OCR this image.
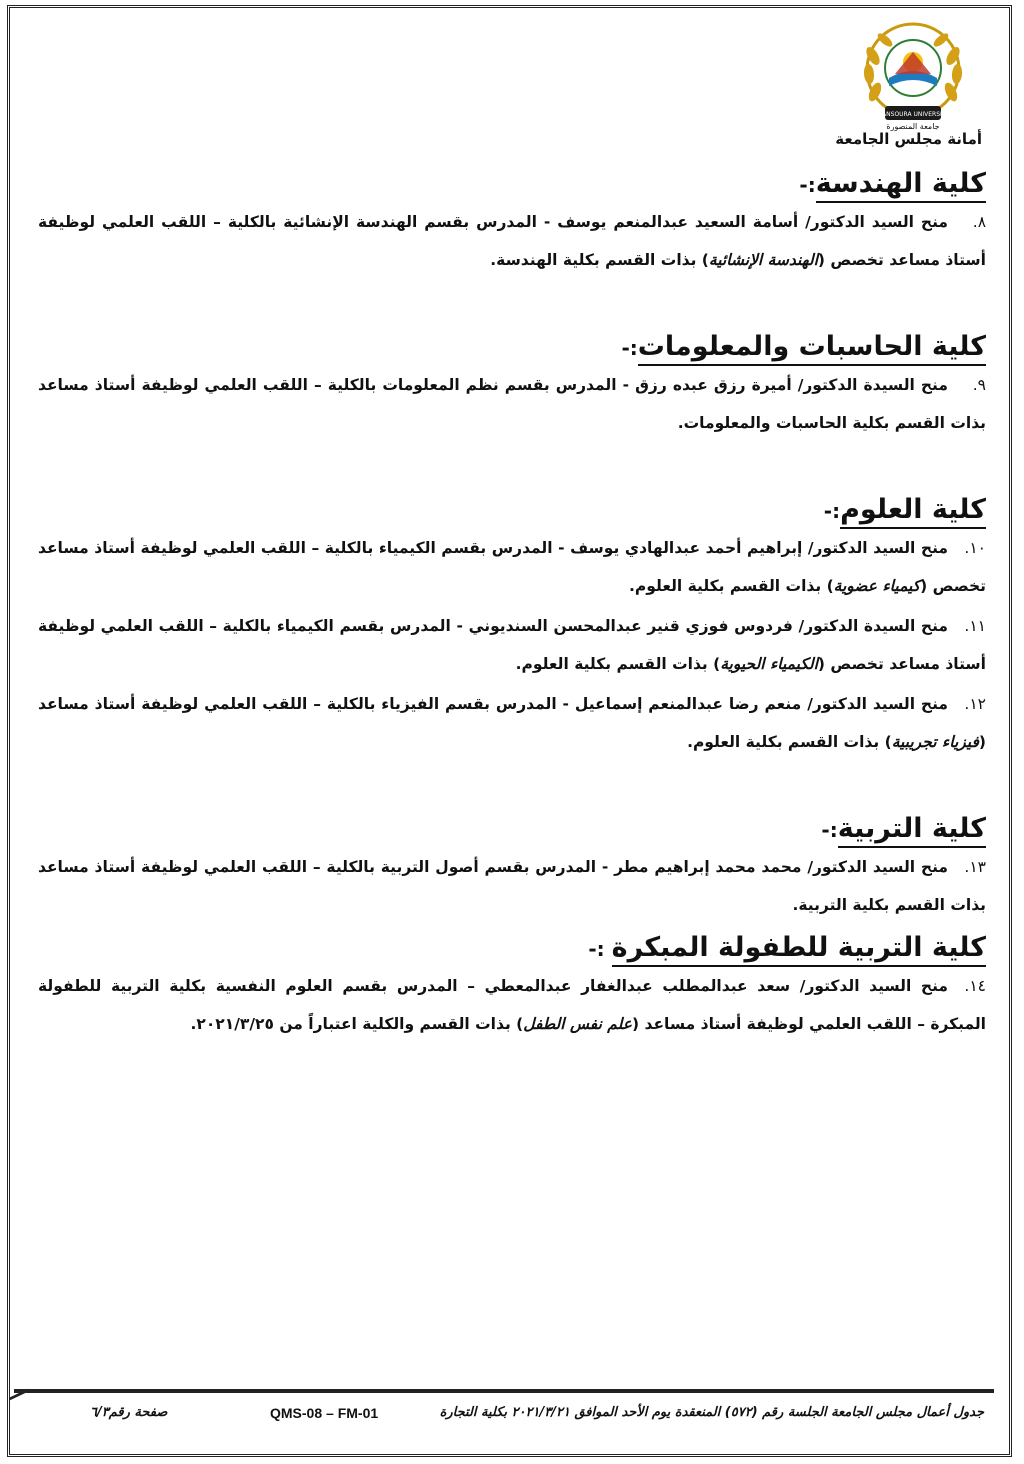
MANSOURA UNIVERSITY
جامعة المنصورة
أمانة مجلس الجامعة
كلية الهندسة:-

٨.منح السيد الدكتور/ أسامة السعيد عبدالمنعم يوسف - المدرس بقسم الهندسة الإنشائية بالكلية – اللقب العلمي لوظيفة أستاذ مساعد تخصص (الهندسة الإنشائية) بذات القسم بكلية الهندسة.

كلية الحاسبات والمعلومات:-

٩.منح السيدة الدكتور/ أميرة رزق عبده رزق - المدرس بقسم نظم المعلومات بالكلية – اللقب العلمي لوظيفة أستاذ مساعد بذات القسم بكلية الحاسبات والمعلومات.

كلية العلوم:-

١٠.منح السيد الدكتور/ إبراهيم أحمد عبدالهادي يوسف - المدرس بقسم الكيمياء بالكلية – اللقب العلمي لوظيفة أستاذ مساعد تخصص (كيمياء عضوية) بذات القسم بكلية العلوم.

١١.منح السيدة الدكتور/ فردوس فوزي قنير عبدالمحسن السنديوني - المدرس بقسم الكيمياء بالكلية – اللقب العلمي لوظيفة أستاذ مساعد تخصص (الكيمياء الحيوية) بذات القسم بكلية العلوم.

١٢.منح السيد الدكتور/ منعم رضا عبدالمنعم إسماعيل - المدرس بقسم الفيزياء بالكلية – اللقب العلمي لوظيفة أستاذ مساعد (فيزياء تجريبية) بذات القسم بكلية العلوم.

كلية التربية:-

١٣.منح السيد الدكتور/ محمد محمد إبراهيم مطر - المدرس بقسم أصول التربية بالكلية – اللقب العلمي لوظيفة أستاذ مساعد بذات القسم بكلية التربية.

كلية التربية للطفولة المبكرة :-

١٤.منح السيد الدكتور/ سعد عبدالمطلب عبدالغفار عبدالمعطي – المدرس بقسم العلوم النفسية بكلية التربية للطفولة المبكرة – اللقب العلمي لوظيفة أستاذ مساعد (علم نفس الطفل) بذات القسم والكلية اعتباراً من ٢٠٢١/٣/٢٥.

جدول أعمال مجلس الجامعة الجلسة رقم (٥٧٢) المنعقدة يوم الأحد الموافق ٢٠٢١/٣/٢١ بكلية التجارة
QMS-08 – FM-01
صفحة رقم٦/٣
